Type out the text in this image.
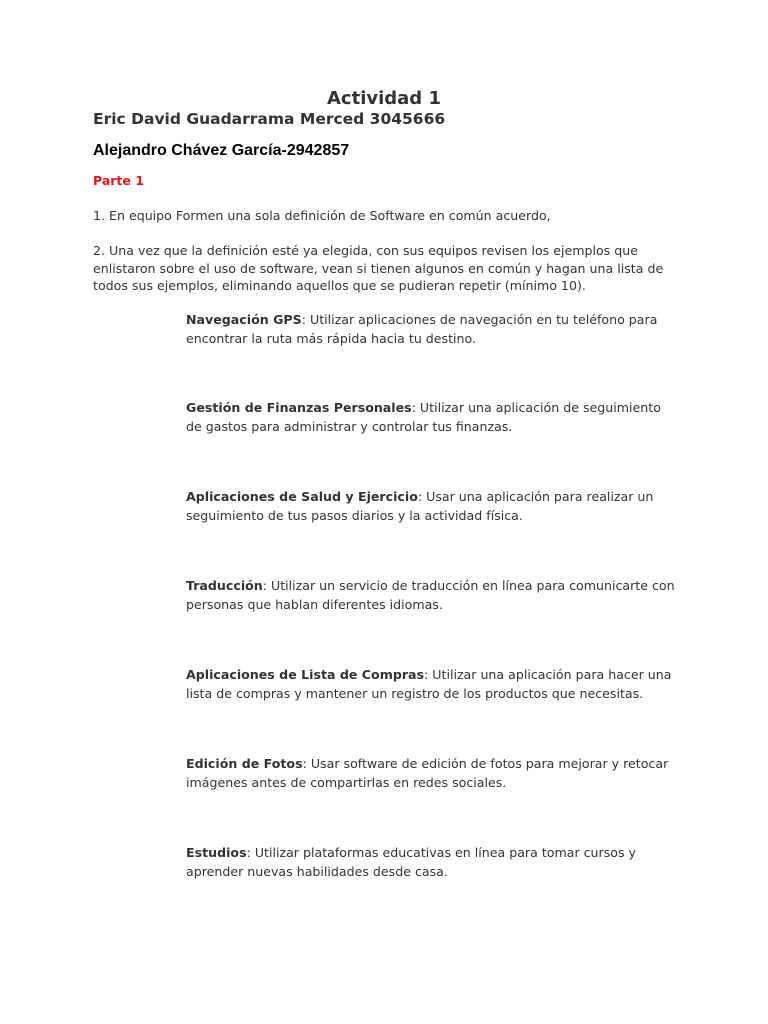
Actividad 1

Eric David Guadarrama Merced 3045666

Alejandro Chávez García-2942857

Parte 1

1. En equipo Formen una sola definición de Software en común acuerdo,

2. Una vez que la definición esté ya elegida, con sus equipos revisen los ejemplos que enlistaron sobre el uso de software, vean si tienen algunos en común y hagan una lista de todos sus ejemplos, eliminando aquellos que se pudieran repetir (mínimo 10).

Navegación GPS: Utilizar aplicaciones de navegación en tu teléfono para encontrar la ruta más rápida hacia tu destino.

Gestión de Finanzas Personales: Utilizar una aplicación de seguimiento de gastos para administrar y controlar tus finanzas.

Aplicaciones de Salud y Ejercicio: Usar una aplicación para realizar un seguimiento de tus pasos diarios y la actividad física.

Traducción: Utilizar un servicio de traducción en línea para comunicarte con personas que hablan diferentes idiomas.

Aplicaciones de Lista de Compras: Utilizar una aplicación para hacer una lista de compras y mantener un registro de los productos que necesitas.

Edición de Fotos: Usar software de edición de fotos para mejorar y retocar imágenes antes de compartirlas en redes sociales.

Estudios: Utilizar plataformas educativas en línea para tomar cursos y aprender nuevas habilidades desde casa.
